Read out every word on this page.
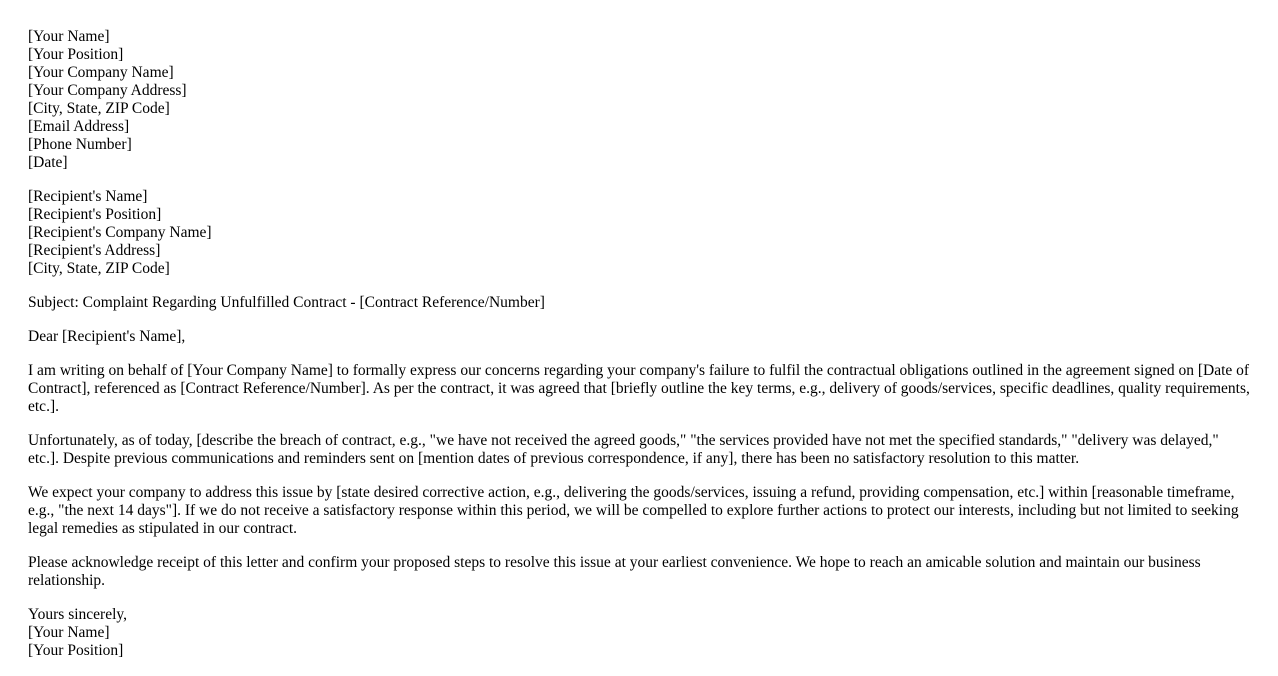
[Your Name]
[Your Position]
[Your Company Name]
[Your Company Address]
[City, State, ZIP Code]
[Email Address]
[Phone Number]
[Date]
[Recipient's Name]
[Recipient's Position]
[Recipient's Company Name]
[Recipient's Address]
[City, State, ZIP Code]

Subject: Complaint Regarding Unfulfilled Contract - [Contract Reference/Number]

Dear [Recipient's Name],

I am writing on behalf of [Your Company Name] to formally express our concerns regarding your company's failure to fulfil the contractual obligations outlined in the agreement signed on [Date of Contract], referenced as [Contract Reference/Number]. As per the contract, it was agreed that [briefly outline the key terms, e.g., delivery of goods/services, specific deadlines, quality requirements, etc.].

Unfortunately, as of today, [describe the breach of contract, e.g., "we have not received the agreed goods," "the services provided have not met the specified standards," "delivery was delayed," etc.]. Despite previous communications and reminders sent on [mention dates of previous correspondence, if any], there has been no satisfactory resolution to this matter.

We expect your company to address this issue by [state desired corrective action, e.g., delivering the goods/services, issuing a refund, providing compensation, etc.] within [reasonable timeframe, e.g., "the next 14 days"]. If we do not receive a satisfactory response within this period, we will be compelled to explore further actions to protect our interests, including but not limited to seeking legal remedies as stipulated in our contract.

Please acknowledge receipt of this letter and confirm your proposed steps to resolve this issue at your earliest convenience. We hope to reach an amicable solution and maintain our business relationship.

Yours sincerely,
[Your Name]
[Your Position]
